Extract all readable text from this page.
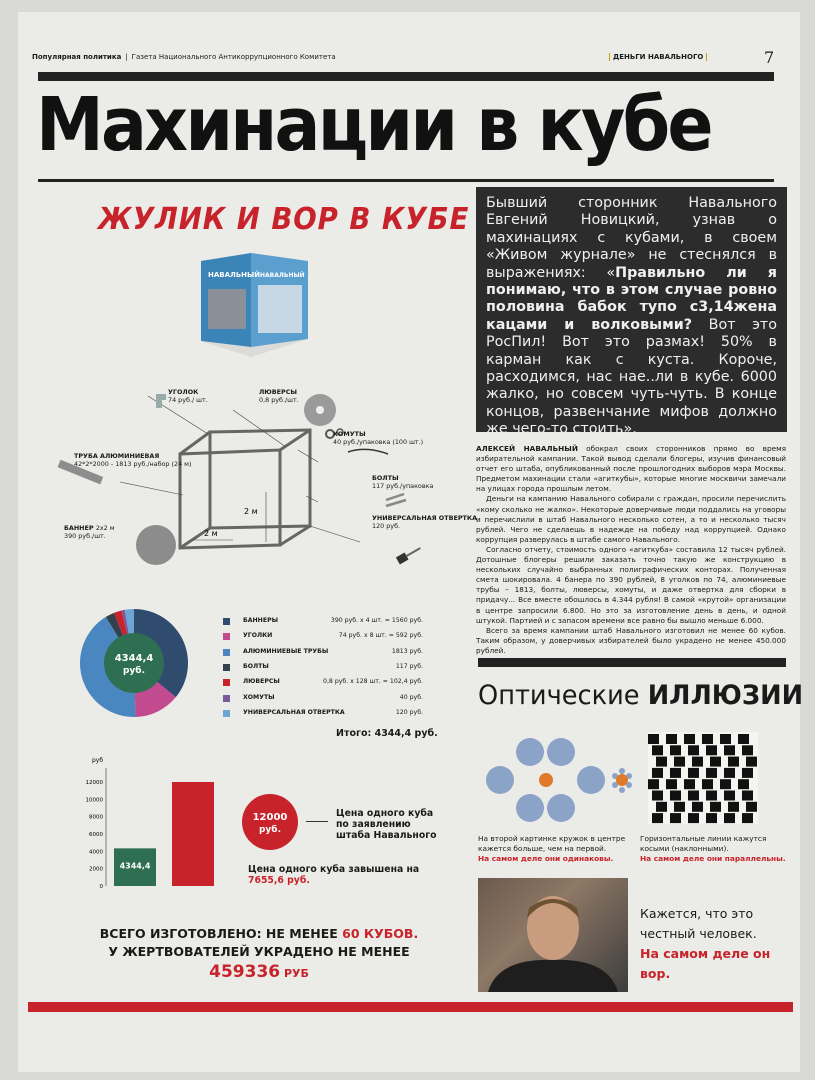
Популярная политика | Газета Национального Антикоррупционного Комитета	ДЕНЬГИ НАВАЛЬНОГО	7
Махинации в кубе
ЖУЛИК И ВОР В КУБЕ	Бывший сторонник Навального Евгений Новицкий, узнав о махинациях с кубами, в своем «Живом журнале» не стеснялся в выражениях: «Правильно ли я понимаю, что в этом случае ровно половина бабок тупо с3,14жена кацами и волковыми? Вот это РосПил! Вот это размах! 50% в карман как с куста. Короче, расходимся, нас нае..ли в кубе. 6000 жалко, но совсем чуть-чуть. В конце концов, развенчание мифов должно же чего-то стоить».

АЛЕКСЕЙ НАВАЛЬНЫЙ обокрал своих сторонников прямо во время избирательной кампании. Такой вывод сделали блогеры, изучив финансовый отчет его штаба, опубликованный после прошлогодних выборов мэра Москвы. Предметом махинации стали «агиткубы», которые многие москвичи замечали на улицах города прошлым летом.

Деньги на кампанию Навального собирали с граждан, просили перечислить «кому сколько не жалко». Некоторые доверчивые люди поддались на уговоры и перечислили в штаб Навального несколько сотен, а то и несколько тысяч рублей. Чего не сделаешь в надежде на победу над коррупцией. Однако коррупция разверулась в штабе самого Навального.

Согласно отчету, стоимость одного «агиткуба» составила 12 тысяч рублей. Дотошные блогеры решили заказать точно такую же конструкцию в нескольких случайно выбранных полиграфических конторах. Полученная смета шокировала. 4 банера по 390 рублей, 8 уголков по 74, алюминиевые трубы – 1813, болты, люверсы, хомуты, и даже отвертка для сборки в придачу... Все вместе обошлось в 4.344 рубля! В самой «крутой» организации в центре запросили 6.800. Но это за изготовление день в день, и одной штукой. Партией и с запасом времени все равно бы вышло меньше 6.000.

Всего за время кампании штаб Навального изготовил не менее 60 кубов. Таким образом, у доверчивых избирателей было украдено не менее 450.000 рублей.

Оптические ИЛЛЮЗИИ
На второй картинке кружок в центре кажется больше, чем на первой.
На самом деле они одинаковы.
Горизонтальные линии кажутся косыми (наклонными).
На самом деле они параллельны.
Кажется, что это честный человек.
На самом деле он вор.
НАВАЛЬНЫЙ НАВАЛЬНЫЙ
2 м
2 м
УГОЛОК
74 руб./ шт.
ЛЮВЕРСЫ
0,8 руб./шт.
ХОМУТЫ
40 руб./упаковка (100 шт.)
ТРУБА АЛЮМИНИЕВАЯ
42*2*2000 - 1813 руб./набор (24 м)
БОЛТЫ
117 руб./упаковка
УНИВЕРСАЛЬНАЯ ОТВЕРТКА
120 руб.
БАННЕР 2x2 м
390 руб./шт.
4344,4
руб.
БАННЕРЫ	390 руб. х 4 шт. = 1560 руб.
УГОЛКИ	74 руб. х 8 шт. = 592 руб.
АЛЮМИНИЕВЫЕ ТРУБЫ	1813 руб.
БОЛТЫ	117 руб.
ЛЮВЕРСЫ	0,8 руб. х 128 шт. = 102,4 руб.
ХОМУТЫ	40 руб.
УНИВЕРСАЛЬНАЯ ОТВЕРТКА	120 руб.
Итого: 4344,4 руб.
руб
0
2000
4000
6000
8000
10000
12000
4344,4
12000
руб.
Цена одного куба по заявлению штаба Навального
Цена одного куба завышена на 7655,6 руб.
ВСЕГО ИЗГОТОВЛЕНО: НЕ МЕНЕЕ 60 КУБОВ.
У ЖЕРТВОВАТЕЛЕЙ УКРАДЕНО НЕ МЕНЕЕ
459336 РУБ
